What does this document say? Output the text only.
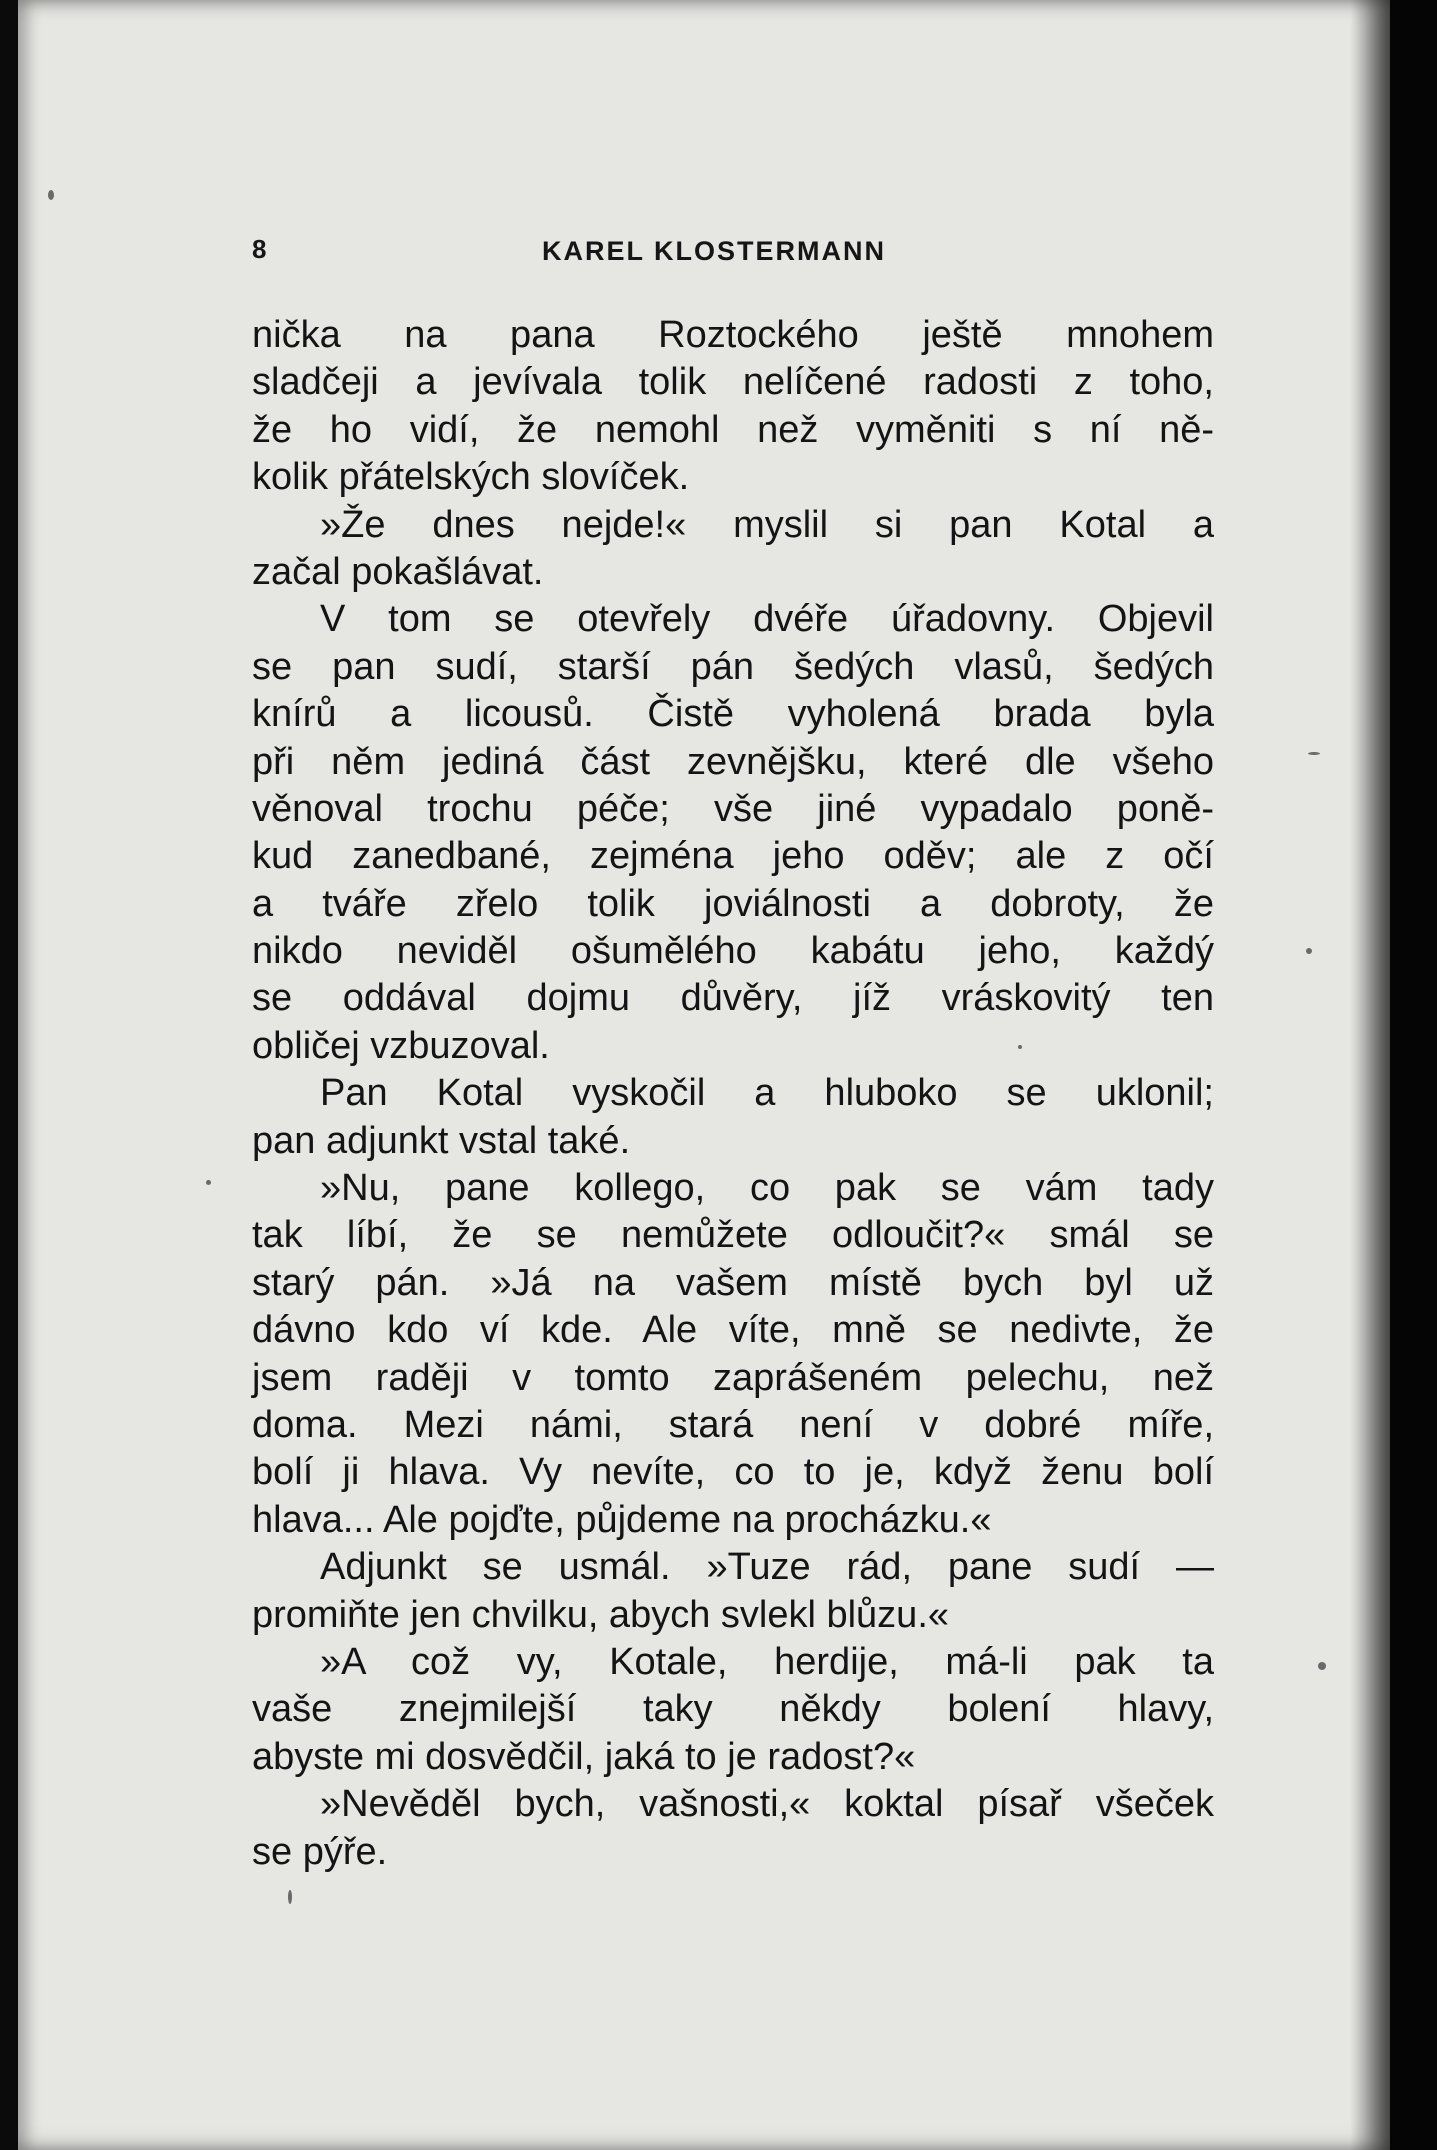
8	KAREL KLOSTERMANN
nička na pana Roztockého ještě mnohem
sladčeji a jevívala tolik nelíčené radosti z toho,
že ho vidí, že nemohl než vyměniti s ní ně-
kolik přátelských slovíček.
»Že dnes nejde!« myslil si pan Kotal a
začal pokašlávat.
V tom se otevřely dvéře úřadovny. Objevil
se pan sudí, starší pán šedých vlasů, šedých
knírů a licousů. Čistě vyholená brada byla
při něm jediná část zevnějšku, které dle všeho
věnoval trochu péče; vše jiné vypadalo poně-
kud zanedbané, zejména jeho oděv; ale z očí
a tváře zřelo tolik joviálnosti a dobroty, že
nikdo neviděl ošumělého kabátu jeho, každý
se oddával dojmu důvěry, jíž vráskovitý ten
obličej vzbuzoval.
Pan Kotal vyskočil a hluboko se uklonil;
pan adjunkt vstal také.
»Nu, pane kollego, co pak se vám tady
tak líbí, že se nemůžete odloučit?« smál se
starý pán. »Já na vašem místě bych byl už
dávno kdo ví kde. Ale víte, mně se nedivte, že
jsem raději v tomto zaprášeném pelechu, než
doma. Mezi námi, stará není v dobré míře,
bolí ji hlava. Vy nevíte, co to je, když ženu bolí
hlava... Ale pojďte, půjdeme na procházku.«
Adjunkt se usmál. »Tuze rád, pane sudí —
promiňte jen chvilku, abych svlekl blůzu.«
»A což vy, Kotale, herdije, má-li pak ta
vaše znejmilejší taky někdy bolení hlavy,
abyste mi dosvědčil, jaká to je radost?«
»Nevěděl bych, vašnosti,« koktal písař všeček
se pýře.
